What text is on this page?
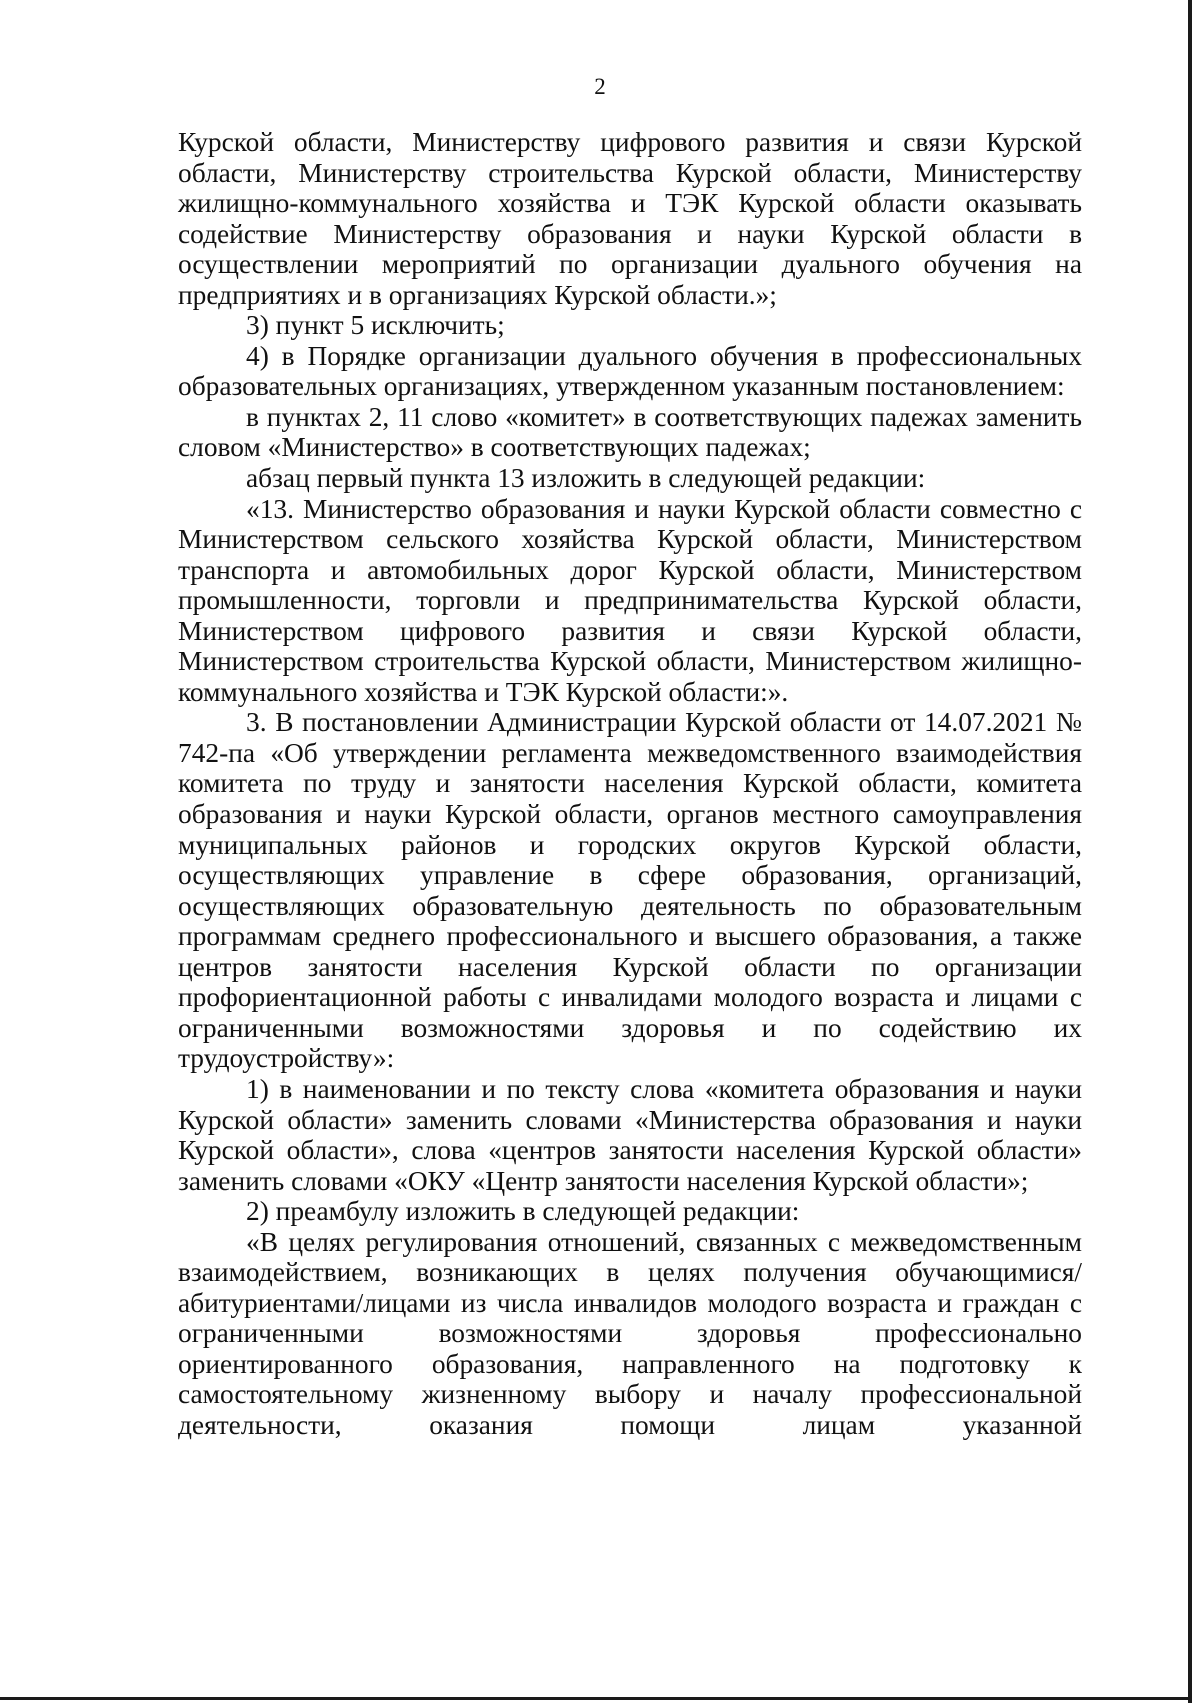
2

Курской области, Министерству цифрового развития и связи Курской области, Министерству строительства Курской области, Министерству жилищно-коммунального хозяйства и ТЭК Курской области оказывать содействие Министерству образования и науки Курской области в осуществлении мероприятий по организации дуального обучения на предприятиях и в организациях Курской области.»;

3) пункт 5 исключить;

4) в Порядке организации дуального обучения в профессиональных образовательных организациях, утвержденном указанным постановлением:

в пунктах 2, 11 слово «комитет» в соответствующих падежах заменить словом «Министерство» в соответствующих падежах;

абзац первый пункта 13 изложить в следующей редакции:

«13. Министерство образования и науки Курской области совместно с Министерством сельского хозяйства Курской области, Министерством транспорта и автомобильных дорог Курской области, Министерством промышленности, торговли и предпринимательства Курской области, Министерством цифрового развития и связи Курской области, Министерством строительства Курской области, Министерством жилищно-коммунального хозяйства и ТЭК Курской области:».

3. В постановлении Администрации Курской области от 14.07.2021 № 742-па «Об утверждении регламента межведомственного взаимодействия комитета по труду и занятости населения Курской области, комитета образования и науки Курской области, органов местного самоуправления муниципальных районов и городских округов Курской области, осуществляющих управление в сфере образования, организаций, осуществляющих образовательную деятельность по образовательным программам среднего профессионального и высшего образования, а также центров занятости населения Курской области по организации профориентационной работы с инвалидами молодого возраста и лицами с ограниченными возможностями здоровья и по содействию их трудоустройству»:

1) в наименовании и по тексту слова «комитета образования и науки Курской области» заменить словами «Министерства образования и науки Курской области», слова «центров занятости населения Курской области» заменить словами «ОКУ «Центр занятости населения Курской области»;

2) преамбулу изложить в следующей редакции:

«В целях регулирования отношений, связанных с межведомственным взаимодействием, возникающих в целях получения обучающимися/абитуриентами/лицами из числа инвалидов молодого возраста и граждан с ограниченными возможностями здоровья профессионально ориентированного образования, направленного на подготовку к самостоятельному жизненному выбору и началу профессиональной деятельности, оказания помощи лицам указанной
